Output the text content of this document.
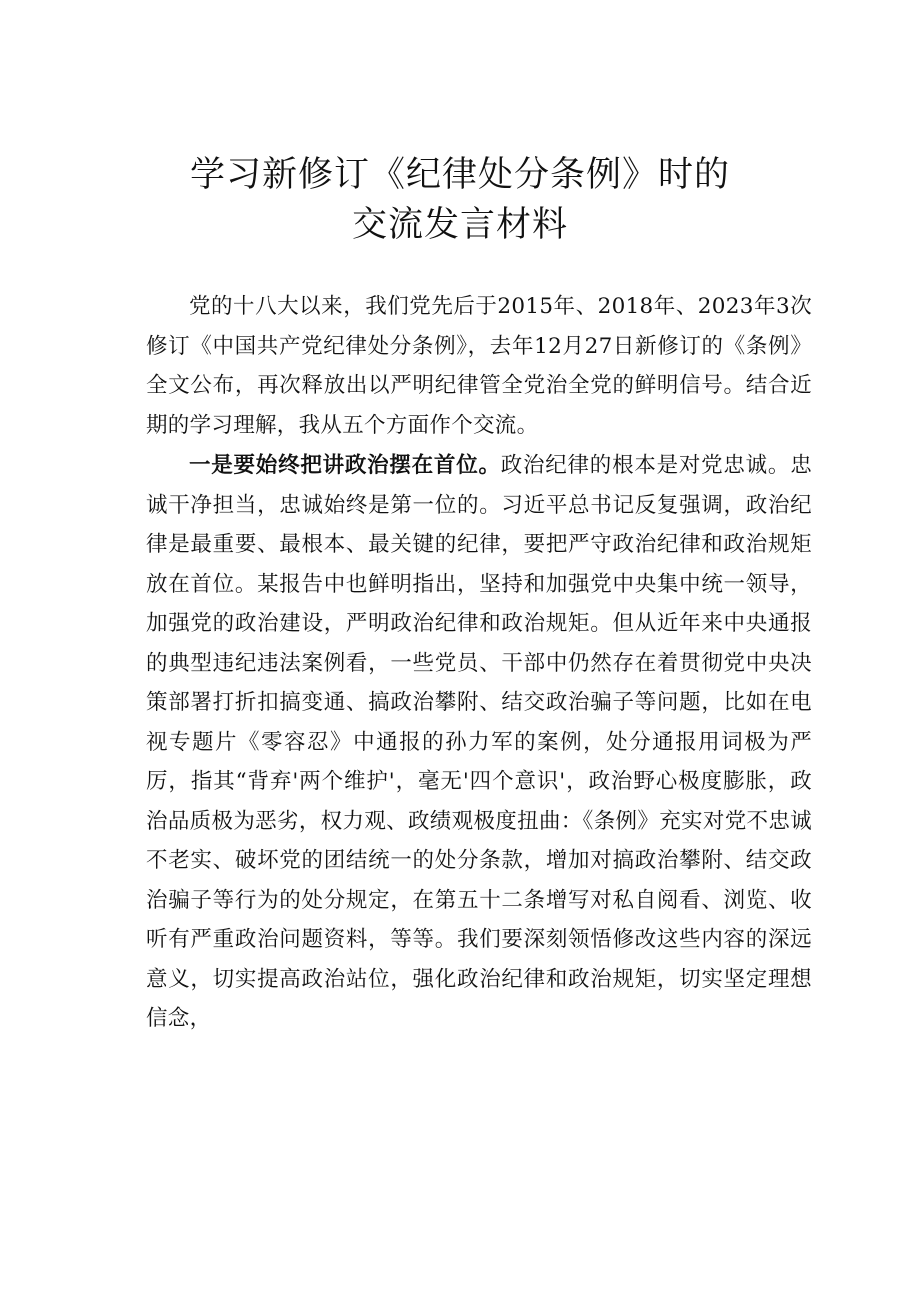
学习新修订《纪律处分条例》时的
交流发言材料

党的十八大以来，我们党先后于2015年、2018年、2023年3次修订《中国共产党纪律处分条例》，去年12月27日新修订的《条例》全文公布，再次释放出以严明纪律管全党治全党的鲜明信号。结合近期的学习理解，我从五个方面作个交流。

一是要始终把讲政治摆在首位。政治纪律的根本是对党忠诚。忠诚干净担当，忠诚始终是第一位的。习近平总书记反复强调，政治纪律是最重要、最根本、最关键的纪律，要把严守政治纪律和政治规矩放在首位。某报告中也鲜明指出，坚持和加强党中央集中统一领导，加强党的政治建设，严明政治纪律和政治规矩。但从近年来中央通报的典型违纪违法案例看，一些党员、干部中仍然存在着贯彻党中央决策部署打折扣搞变通、搞政治攀附、结交政治骗子等问题，比如在电视专题片《零容忍》中通报的孙力军的案例，处分通报用词极为严厉，指其“背弃'两个维护'，毫无'四个意识'，政治野心极度膨胀，政治品质极为恶劣，权力观、政绩观极度扭曲：《条例》充实对党不忠诚不老实、破坏党的团结统一的处分条款，增加对搞政治攀附、结交政治骗子等行为的处分规定，在第五十二条增写对私自阅看、浏览、收听有严重政治问题资料，等等。我们要深刻领悟修改这些内容的深远意义，切实提高政治站位，强化政治纪律和政治规矩，切实坚定理想信念，
